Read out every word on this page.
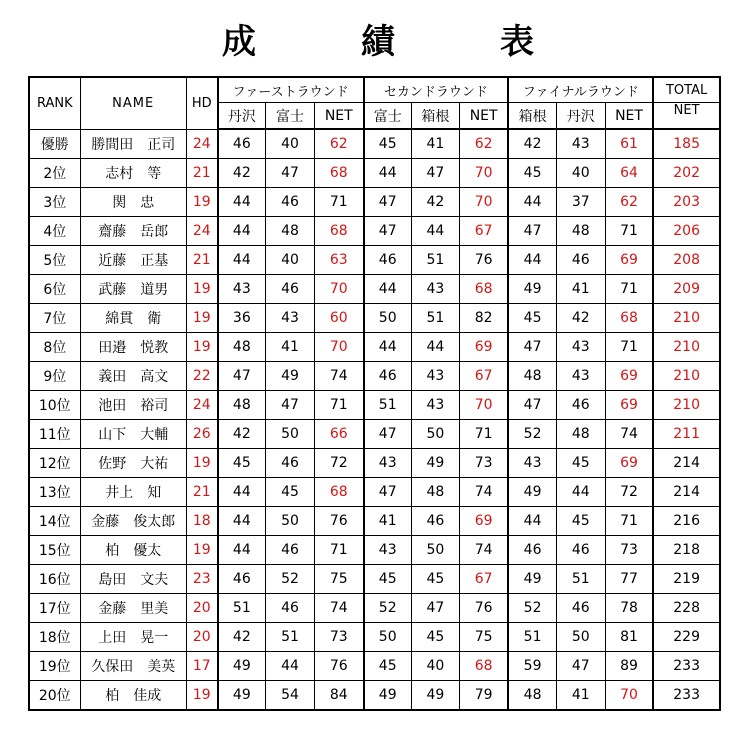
成	績	表
RANK	NAME	HD	ファーストラウンド			セカンドラウンド			ファイナルラウンド			TOTAL
			丹沢	富士	NET	富士	箱根	NET	箱根	丹沢	NET	NET
優勝	勝間田　正司	24	46	40	62	45	41	62	42	43	61	185
2位	志村　等	21	42	47	68	44	47	70	45	40	64	202
3位	関　忠	19	44	46	71	47	42	70	44	37	62	203
4位	齋藤　岳郎	24	44	48	68	47	44	67	47	48	71	206
5位	近藤　正基	21	44	40	63	46	51	76	44	46	69	208
6位	武藤　道男	19	43	46	70	44	43	68	49	41	71	209
7位	綿貫　衛	19	36	43	60	50	51	82	45	42	68	210
8位	田邉　悦教	19	48	41	70	44	44	69	47	43	71	210
9位	義田　高文	22	47	49	74	46	43	67	48	43	69	210
10位	池田　裕司	24	48	47	71	51	43	70	47	46	69	210
11位	山下　大輔	26	42	50	66	47	50	71	52	48	74	211
12位	佐野　大祐	19	45	46	72	43	49	73	43	45	69	214
13位	井上　知	21	44	45	68	47	48	74	49	44	72	214
14位	金藤　俊太郎	18	44	50	76	41	46	69	44	45	71	216
15位	柏　優太	19	44	46	71	43	50	74	46	46	73	218
16位	島田　文夫	23	46	52	75	45	45	67	49	51	77	219
17位	金藤　里美	20	51	46	74	52	47	76	52	46	78	228
18位	上田　晃一	20	42	51	73	50	45	75	51	50	81	229
19位	久保田　美英	17	49	44	76	45	40	68	59	47	89	233
20位	柏　佳成	19	49	54	84	49	49	79	48	41	70	233
